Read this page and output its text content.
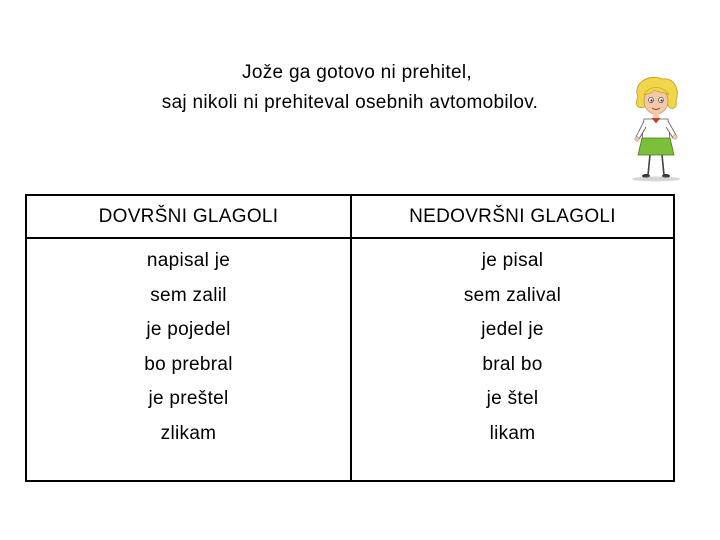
Jože ga gotovo ni prehitel,
saj nikoli ni prehiteval osebnih avtomobilov.
DOVRŠNI GLAGOLI	NEDOVRŠNI GLAGOLI
napisal je
sem zalil
je pojedel
bo prebral
je preštel
zlikam
je pisal
sem zalival
jedel je
bral bo
je štel
likam
